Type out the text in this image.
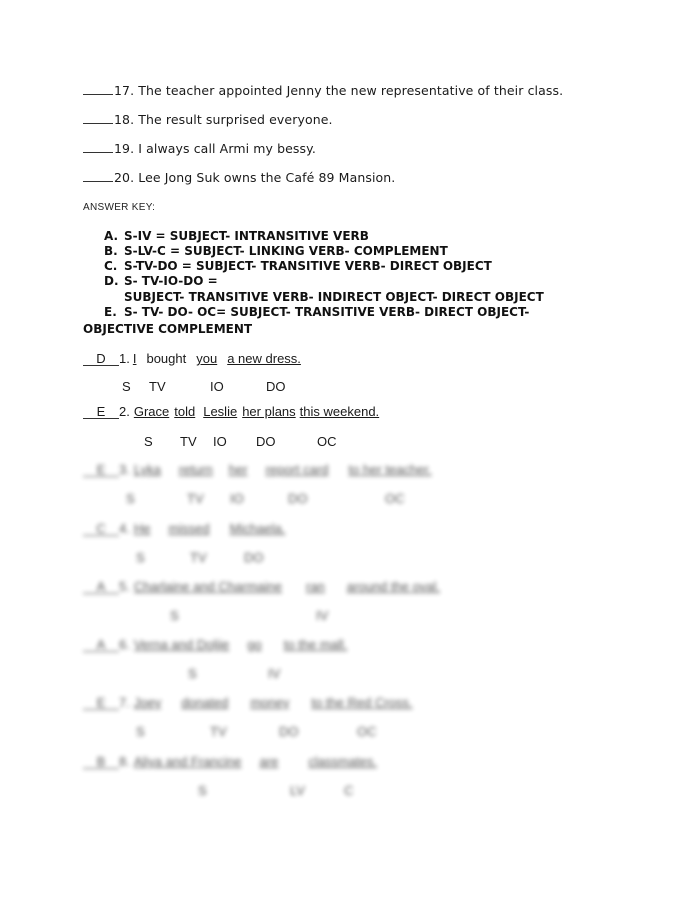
17. The teacher appointed Jenny the new representative of their class.
18. The result surprised everyone.
19. I always call Armi my bessy.
20. Lee Jong Suk owns the Café 89 Mansion.
ANSWER KEY:
A. S-IV = SUBJECT- INTRANSITIVE VERB
B. S-LV-C = SUBJECT- LINKING VERB- COMPLEMENT
C. S-TV-DO = SUBJECT- TRANSITIVE VERB- DIRECT OBJECT
D. S- TV-IO-DO =
SUBJECT- TRANSITIVE VERB- INDIRECT OBJECT- DIRECT OBJECT
E. S- TV- DO- OC= SUBJECT- TRANSITIVE VERB- DIRECT OBJECT-
OBJECTIVE COMPLEMENT
D 1. I bought you a new dress.
S TV	IO	DO
E 2. Grace told Leslie her plans this weekend.
S TV IO DO	OC
E 3. Lyka return her report card to her teacher.
S	TV IO	DO	OC
C 4. He missed Michaela.
S	TV	DO
A 5. Charlaine and Charmaine ran around the oval.
S	IV
A 6. Verna and Doljie go to the mall.
S	IV
E 7. Joey donated money to the Red Cross.
S	TV	DO	OC
B 8. Aliya and Francine are classmates.
S	LV	C
